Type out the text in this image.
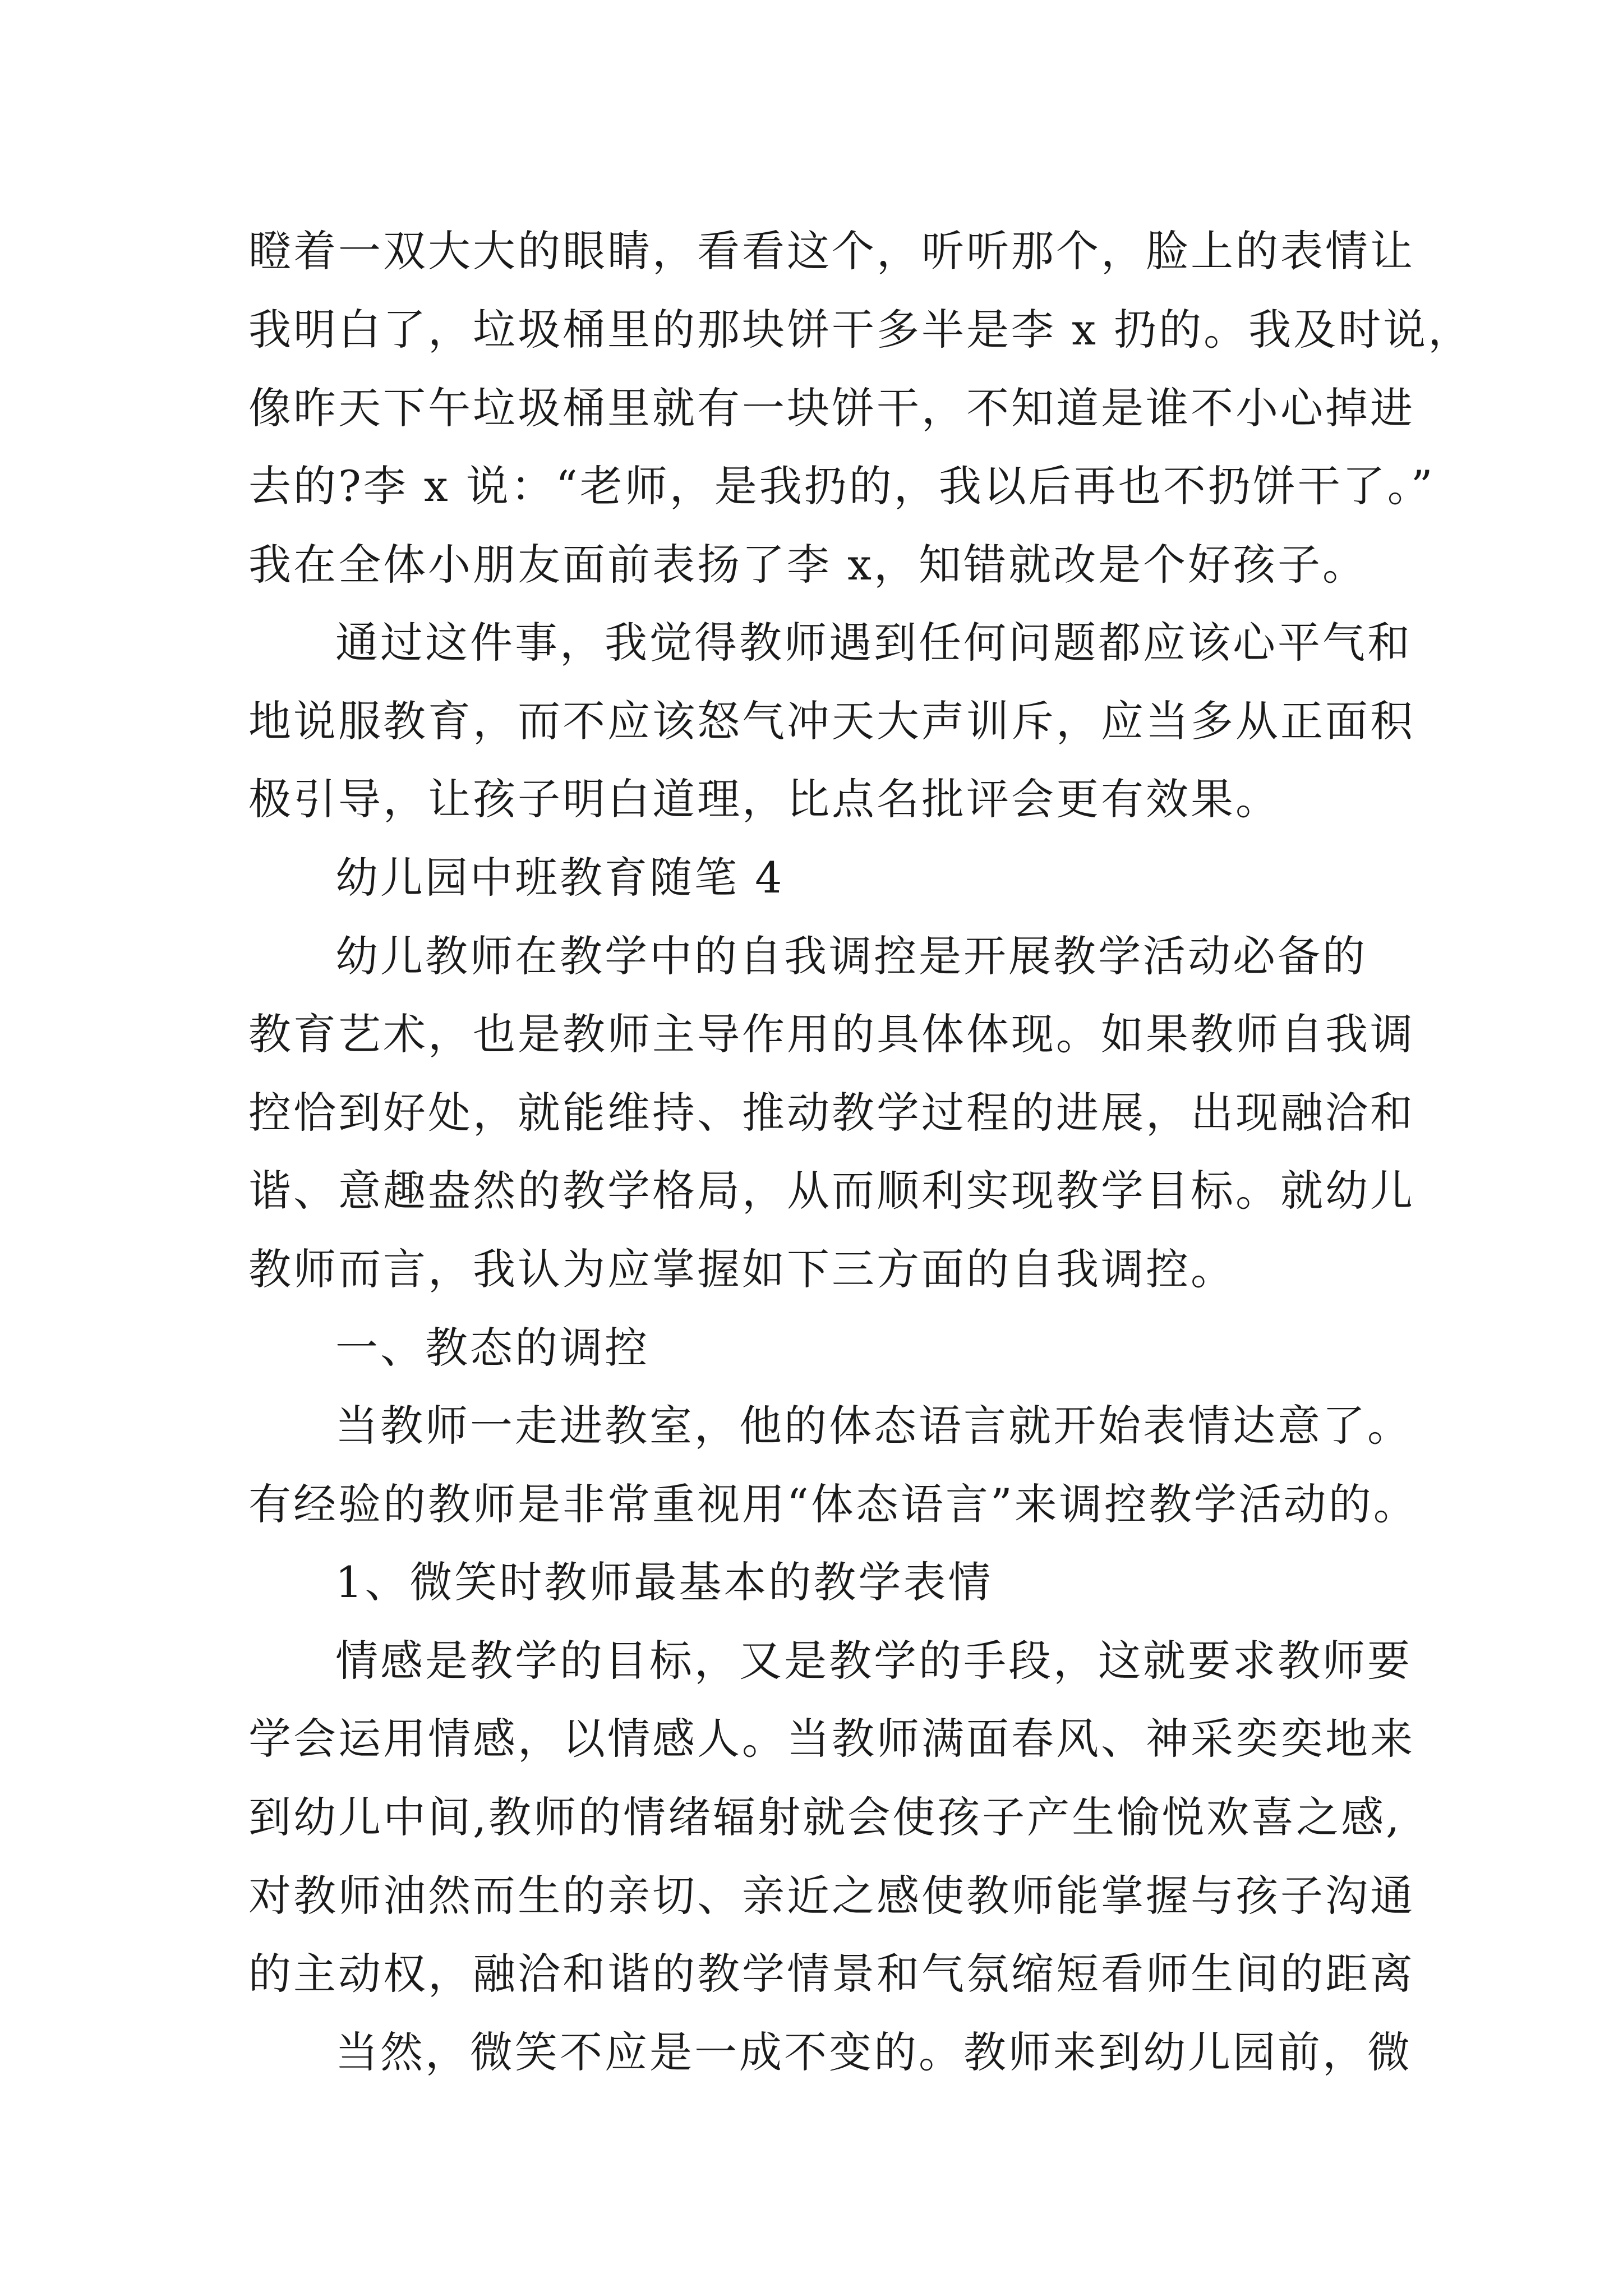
瞪着一双大大的眼睛，看看这个，听听那个，脸上的表情让
我明白了，垃圾桶里的那块饼干多半是李 x 扔的。我及时说，
像昨天下午垃圾桶里就有一块饼干，不知道是谁不小心掉进
去的?李 x 说：“老师，是我扔的，我以后再也不扔饼干了。”
我在全体小朋友面前表扬了李 x，知错就改是个好孩子。
通过这件事，我觉得教师遇到任何问题都应该心平气和
地说服教育，而不应该怒气冲天大声训斥，应当多从正面积
极引导，让孩子明白道理，比点名批评会更有效果。
幼儿园中班教育随笔 4
幼儿教师在教学中的自我调控是开展教学活动必备的
教育艺术，也是教师主导作用的具体体现。如果教师自我调
控恰到好处，就能维持、推动教学过程的进展，出现融洽和
谐、意趣盎然的教学格局，从而顺利实现教学目标。就幼儿
教师而言，我认为应掌握如下三方面的自我调控。
一、教态的调控
当教师一走进教室，他的体态语言就开始表情达意了。
有经验的教师是非常重视用“体态语言”来调控教学活动的。
1、微笑时教师最基本的教学表情
情感是教学的目标，又是教学的手段，这就要求教师要
学会运用情感，以情感人。当教师满面春风、神采奕奕地来
到幼儿中间,教师的情绪辐射就会使孩子产生愉悦欢喜之感,
对教师油然而生的亲切、亲近之感使教师能掌握与孩子沟通
的主动权，融洽和谐的教学情景和气氛缩短看师生间的距离
当然，微笑不应是一成不变的。教师来到幼儿园前，微
